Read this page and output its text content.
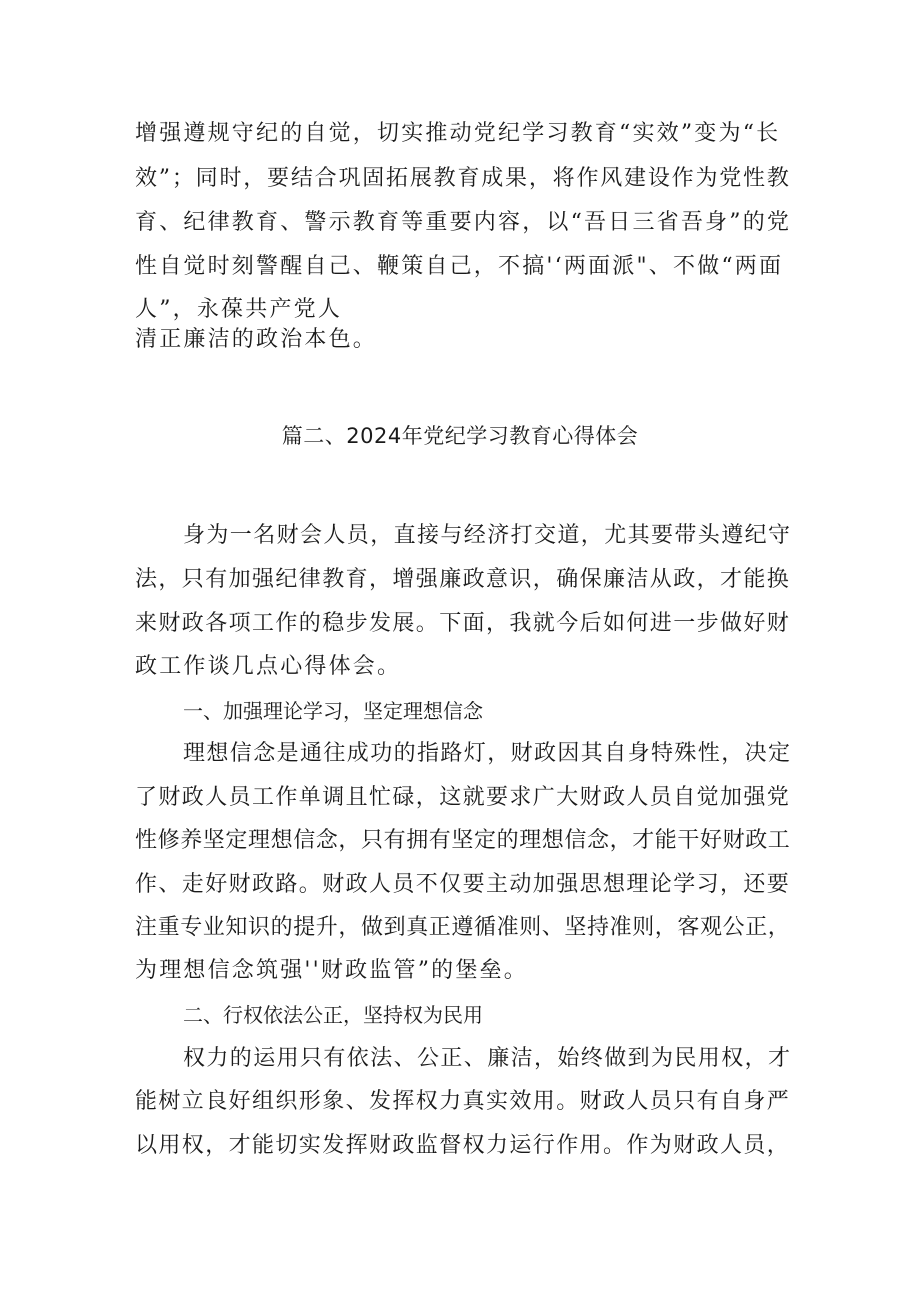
增强遵规守纪的自觉，切实推动党纪学习教育“实效”变为“长
效”；同时，要结合巩固拓展教育成果，将作风建设作为党性教
育、纪律教育、警示教育等重要内容，以“吾日三省吾身”的党
性自觉时刻警醒自己、鞭策自己，不搞'‘两面派"、不做“两面
人”，永葆共产党人
清正廉洁的政治本色。
篇二、2024年党纪学习教育心得体会
身为一名财会人员，直接与经济打交道，尤其要带头遵纪守
法，只有加强纪律教育，增强廉政意识，确保廉洁从政，才能换
来财政各项工作的稳步发展。下面，我就今后如何进一步做好财
政工作谈几点心得体会。
一、加强理论学习，坚定理想信念
理想信念是通往成功的指路灯，财政因其自身特殊性，决定
了财政人员工作单调且忙碌，这就要求广大财政人员自觉加强党
性修养坚定理想信念，只有拥有坚定的理想信念，才能干好财政工
作、走好财政路。财政人员不仅要主动加强思想理论学习，还要
注重专业知识的提升，做到真正遵循准则、坚持准则，客观公正，
为理想信念筑强''财政监管”的堡垒。
二、行权依法公正，坚持权为民用
权力的运用只有依法、公正、廉洁，始终做到为民用权，才
能树立良好组织形象、发挥权力真实效用。财政人员只有自身严
以用权，才能切实发挥财政监督权力运行作用。作为财政人员，
